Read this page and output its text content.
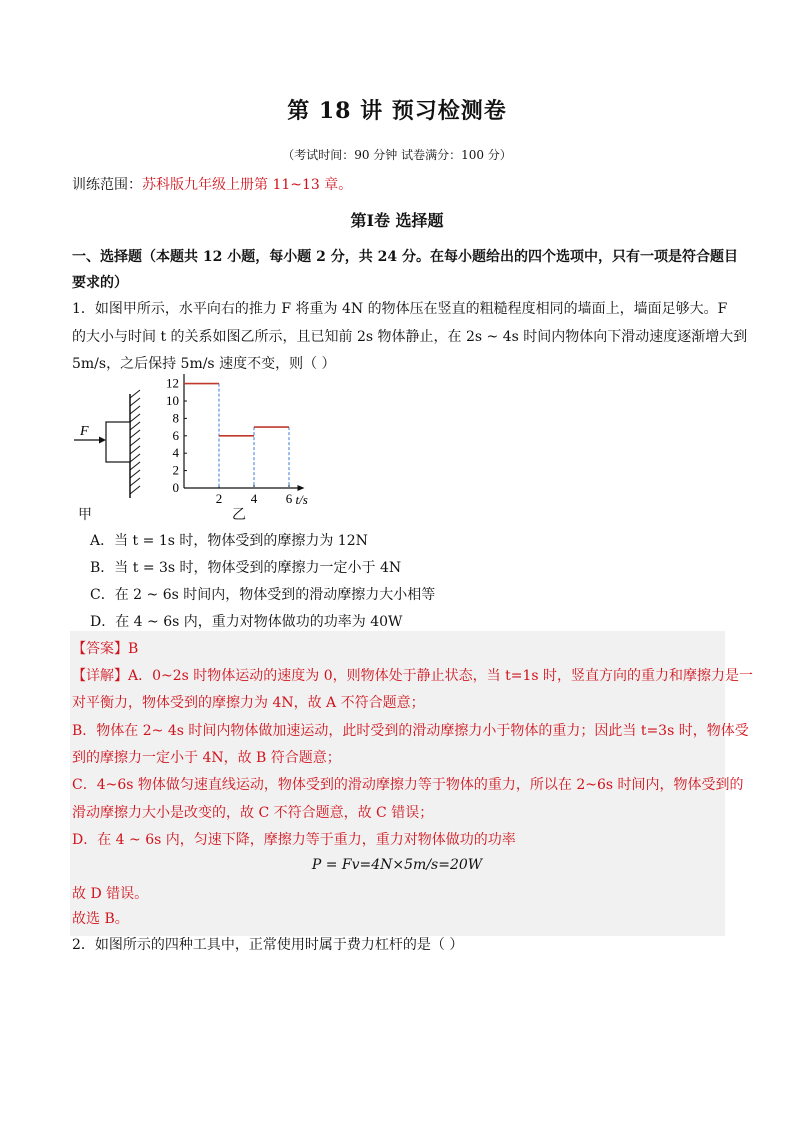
第 18 讲 预习检测卷
（考试时间：90 分钟 试卷满分：100 分）
训练范围：苏科版九年级上册第 11~13 章。
第Ⅰ卷 选择题
一、选择题（本题共 12 小题，每小题 2 分，共 24 分。在每小题给出的四个选项中，只有一项是符合题目
要求的）
1．如图甲所示，水平向右的推力 F 将重为 4N 的物体压在竖直的粗糙程度相同的墙面上，墙面足够大。F
的大小与时间 t 的关系如图乙所示，且已知前 2s 物体静止，在 2s ~ 4s 时间内物体向下滑动速度逐渐增大到
5m/s，之后保持 5m/s 速度不变，则（ ）
F
甲
0
2
4
6
8
10
12
2 4 6 t/s
乙
A．当 t = 1s 时，物体受到的摩擦力为 12N
B．当 t = 3s 时，物体受到的摩擦力一定小于 4N
C．在 2 ~ 6s 时间内，物体受到的滑动摩擦力大小相等
D．在 4 ~ 6s 内，重力对物体做功的功率为 40W
【答案】B
【详解】A．0~2s 时物体运动的速度为 0，则物体处于静止状态，当 t=1s 时，竖直方向的重力和摩擦力是一
对平衡力，物体受到的摩擦力为 4N，故 A 不符合题意；
B．物体在 2~ 4s 时间内物体做加速运动，此时受到的滑动摩擦力小于物体的重力；因此当 t=3s 时，物体受
到的摩擦力一定小于 4N，故 B 符合题意；
C．4~6s 物体做匀速直线运动，物体受到的滑动摩擦力等于物体的重力，所以在 2~6s 时间内，物体受到的
滑动摩擦力大小是改变的，故 C 不符合题意，故 C 错误；
D．在 4 ~ 6s 内，匀速下降，摩擦力等于重力，重力对物体做功的功率
P = Fv=4N×5m/s=20W
故 D 错误。
故选 B。
2．如图所示的四种工具中，正常使用时属于费力杠杆的是（ ）
